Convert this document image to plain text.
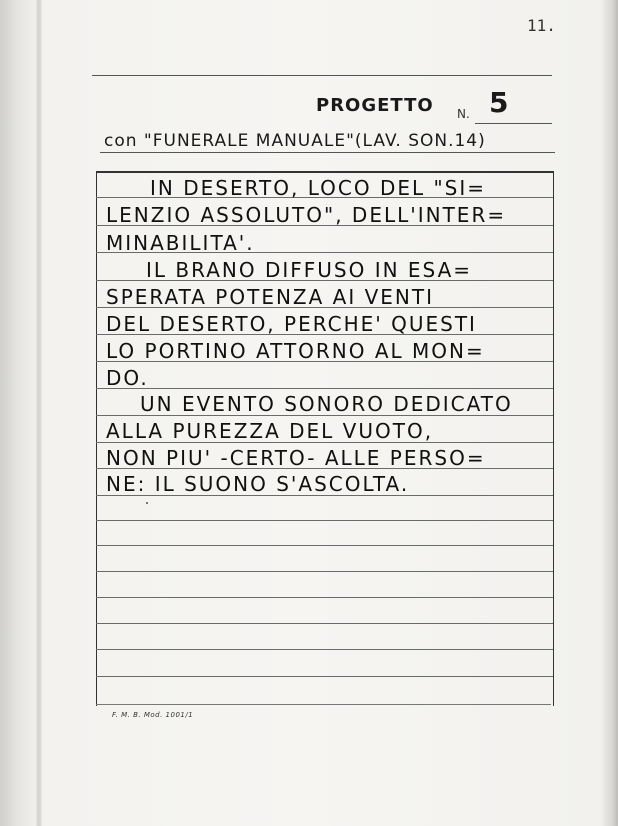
11.
PROGETTO N. 5
con "FUNERALE MANUALE"(LAV. SON.14)
IN DESERTO, LOCO DEL "SI=
LENZIO ASSOLUTO", DELL'INTER=
MINABILITA'.
IL BRANO DIFFUSO IN ESA=
SPERATA POTENZA AI VENTI
DEL DESERTO, PERCHE' QUESTI
LO PORTINO ATTORNO AL MON=
DO.
UN EVENTO SONORO DEDICATO
ALLA PUREZZA DEL VUOTO,
NON PIU' -CERTO- ALLE PERSO=
NE: IL SUONO S'ASCOLTA.
F. M. B. Mod. 1001/1
